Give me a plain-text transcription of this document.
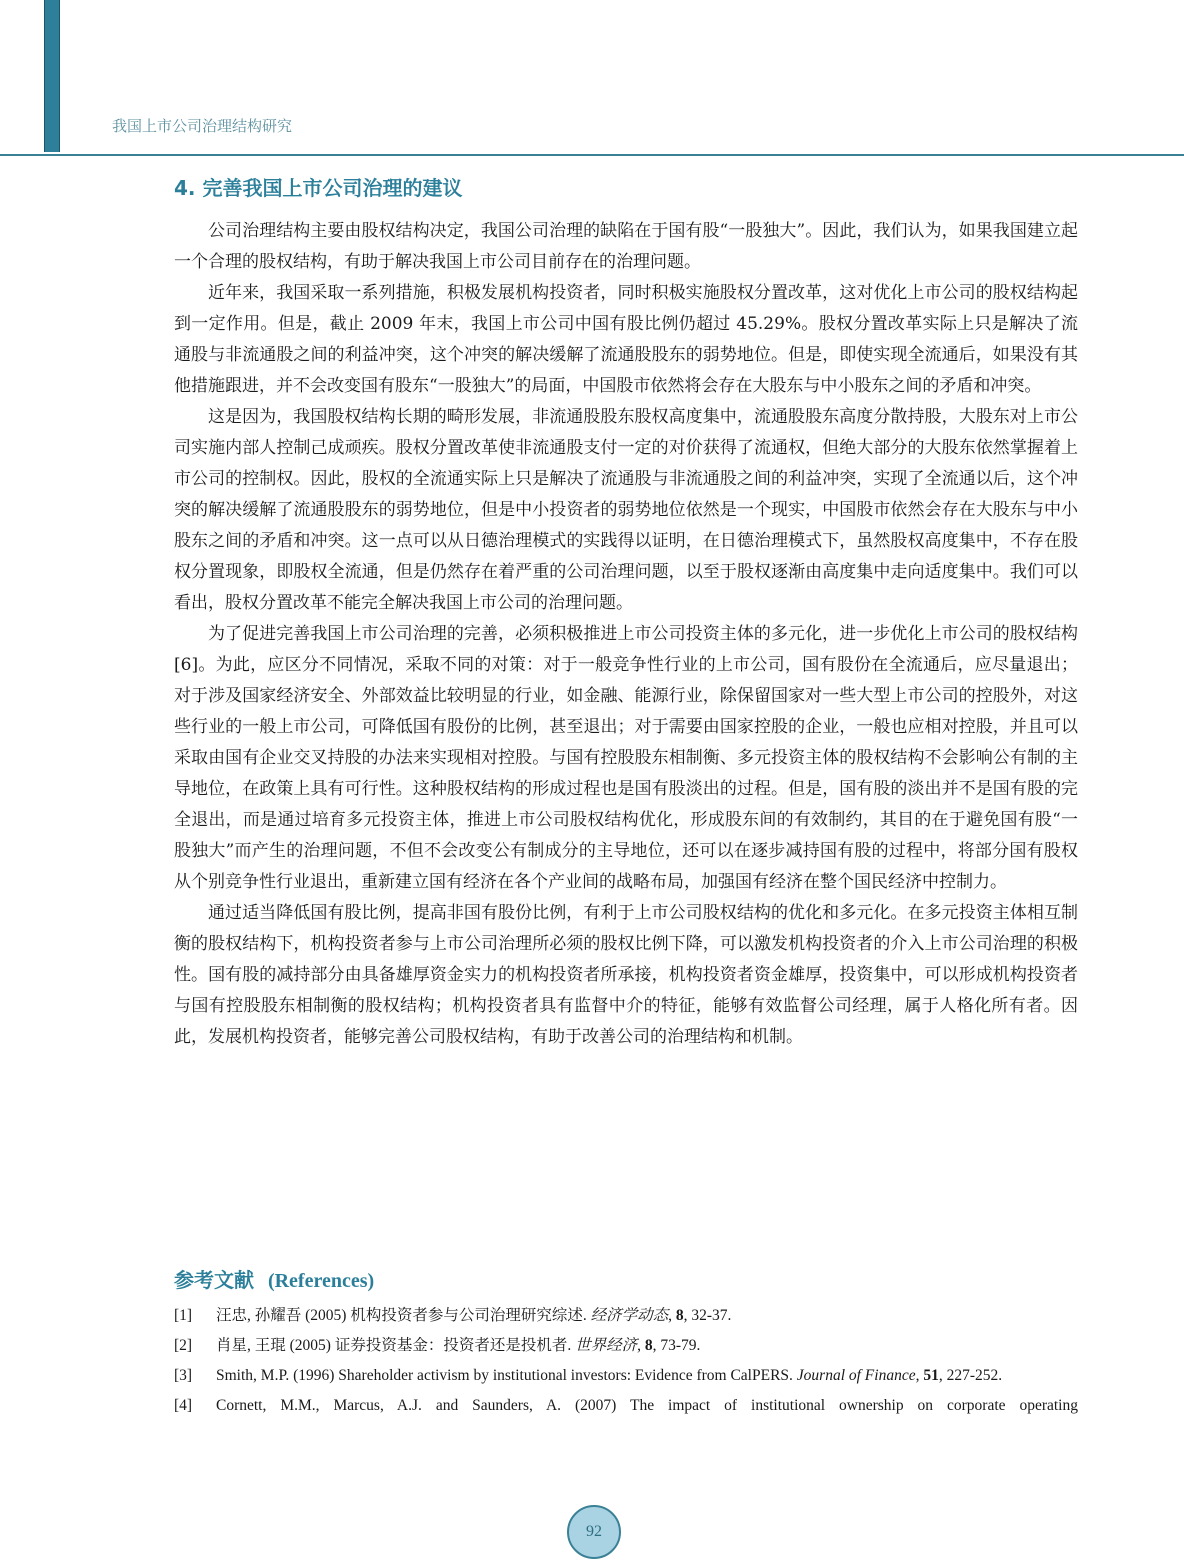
我国上市公司治理结构研究
4. 完善我国上市公司治理的建议

公司治理结构主要由股权结构决定，我国公司治理的缺陷在于国有股“一股独大”。因此，我们认为，如果我国建立起一个合理的股权结构，有助于解决我国上市公司目前存在的治理问题。

近年来，我国采取一系列措施，积极发展机构投资者，同时积极实施股权分置改革，这对优化上市公司的股权结构起到一定作用。但是，截止 2009 年末，我国上市公司中国有股比例仍超过 45.29%。股权分置改革实际上只是解决了流通股与非流通股之间的利益冲突，这个冲突的解决缓解了流通股股东的弱势地位。但是，即使实现全流通后，如果没有其他措施跟进，并不会改变国有股东“一股独大”的局面，中国股市依然将会存在大股东与中小股东之间的矛盾和冲突。

这是因为，我国股权结构长期的畸形发展，非流通股股东股权高度集中，流通股股东高度分散持股，大股东对上市公司实施内部人控制己成顽疾。股权分置改革使非流通股支付一定的对价获得了流通权，但绝大部分的大股东依然掌握着上市公司的控制权。因此，股权的全流通实际上只是解决了流通股与非流通股之间的利益冲突，实现了全流通以后，这个冲突的解决缓解了流通股股东的弱势地位，但是中小投资者的弱势地位依然是一个现实，中国股市依然会存在大股东与中小股东之间的矛盾和冲突。这一点可以从日德治理模式的实践得以证明，在日德治理模式下，虽然股权高度集中，不存在股权分置现象，即股权全流通，但是仍然存在着严重的公司治理问题，以至于股权逐渐由高度集中走向适度集中。我们可以看出，股权分置改革不能完全解决我国上市公司的治理问题。

为了促进完善我国上市公司治理的完善，必须积极推进上市公司投资主体的多元化，进一步优化上市公司的股权结构[6]。为此，应区分不同情况，采取不同的对策：对于一般竞争性行业的上市公司，国有股份在全流通后，应尽量退出；对于涉及国家经济安全、外部效益比较明显的行业，如金融、能源行业，除保留国家对一些大型上市公司的控股外，对这些行业的一般上市公司，可降低国有股份的比例，甚至退出；对于需要由国家控股的企业，一般也应相对控股，并且可以采取由国有企业交叉持股的办法来实现相对控股。与国有控股股东相制衡、多元投资主体的股权结构不会影响公有制的主导地位，在政策上具有可行性。这种股权结构的形成过程也是国有股淡出的过程。但是，国有股的淡出并不是国有股的完全退出，而是通过培育多元投资主体，推进上市公司股权结构优化，形成股东间的有效制约，其目的在于避免国有股“一股独大”而产生的治理问题，不但不会改变公有制成分的主导地位，还可以在逐步减持国有股的过程中，将部分国有股权从个别竞争性行业退出，重新建立国有经济在各个产业间的战略布局，加强国有经济在整个国民经济中控制力。

通过适当降低国有股比例，提高非国有股份比例，有利于上市公司股权结构的优化和多元化。在多元投资主体相互制衡的股权结构下，机构投资者参与上市公司治理所必须的股权比例下降，可以激发机构投资者的介入上市公司治理的积极性。国有股的减持部分由具备雄厚资金实力的机构投资者所承接，机构投资者资金雄厚，投资集中，可以形成机构投资者与国有控股股东相制衡的股权结构；机构投资者具有监督中介的特征，能够有效监督公司经理，属于人格化所有者。因此，发展机构投资者，能够完善公司股权结构，有助于改善公司的治理结构和机制。

参考文献 (References)
[1]	汪忠, 孙耀吾 (2005) 机构投资者参与公司治理研究综述. 经济学动态, 8, 32-37.
[2]	肖星, 王琨 (2005) 证券投资基金：投资者还是投机者. 世界经济, 8, 73-79.
[3]	Smith, M.P. (1996) Shareholder activism by institutional investors: Evidence from CalPERS. Journal of Finance, 51, 227-252.
[4]	Cornett, M.M., Marcus, A.J. and Saunders, A. (2007) The impact of institutional ownership on corporate operating
92
